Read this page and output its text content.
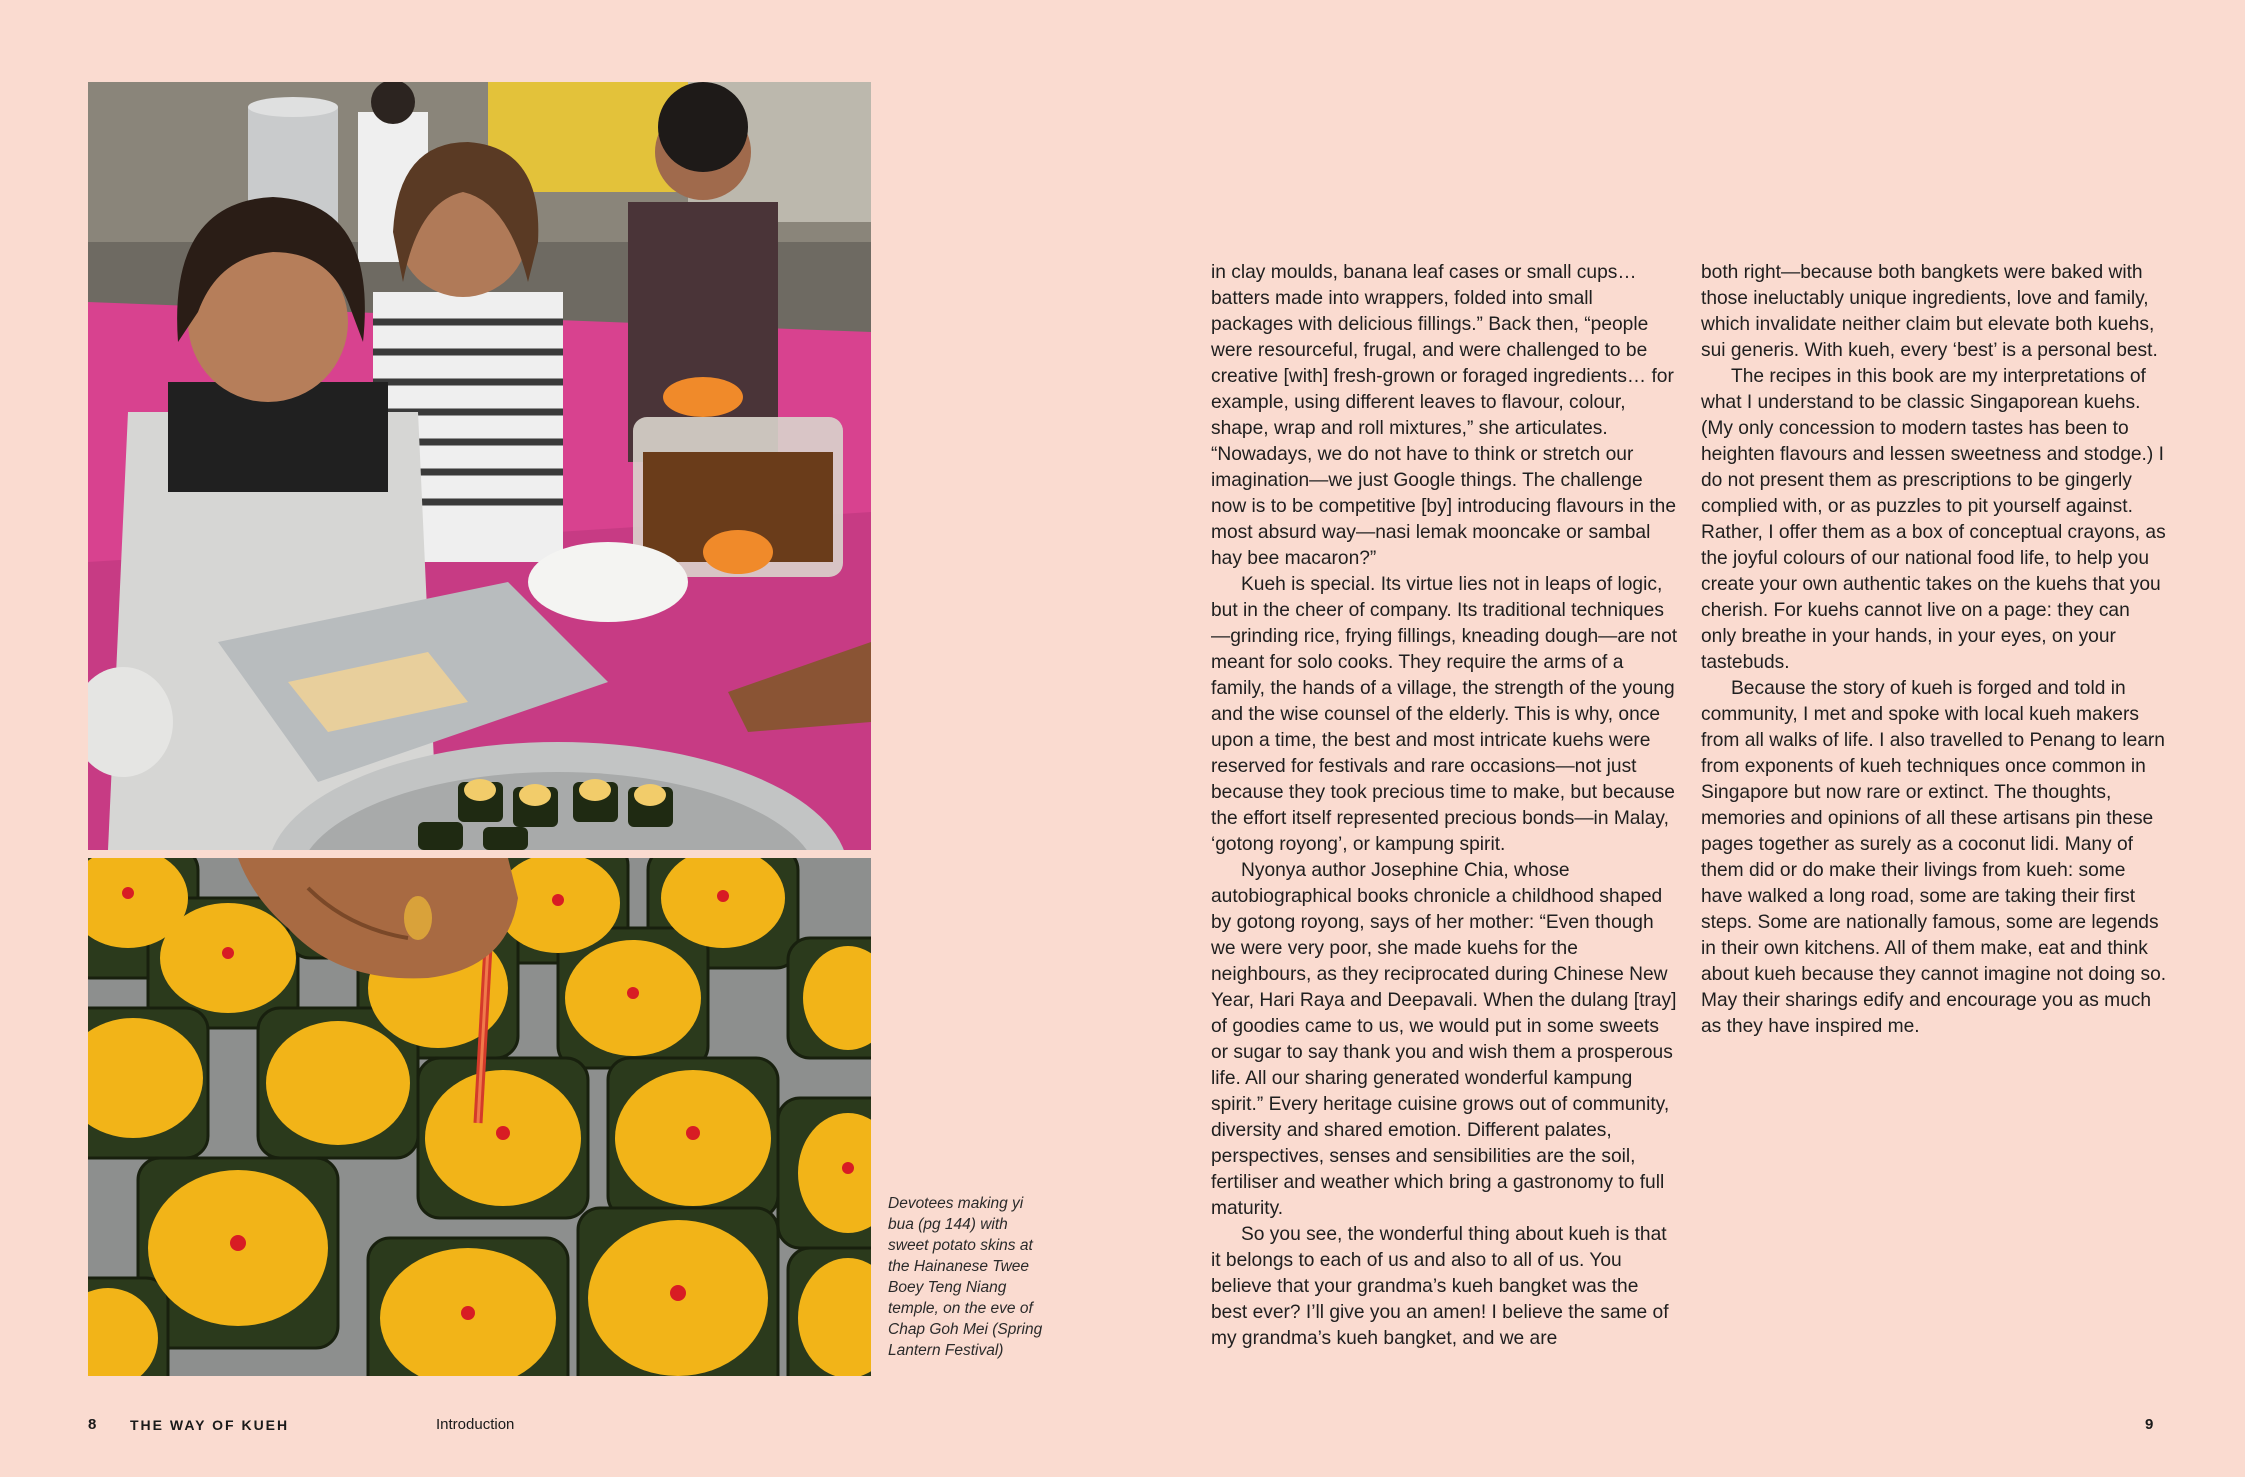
Devotees making yi bua (pg 144) with sweet potato skins at the Hainanese Twee Boey Teng Niang temple, on the eve of Chap Goh Mei (Spring Lantern Festival)

in clay moulds, banana leaf cases or small cups… batters made into wrappers, folded into small packages with delicious fillings.” Back then, “people were resourceful, frugal, and were challenged to be creative [with] fresh-grown or foraged ingredients… for example, using different leaves to flavour, colour, shape, wrap and roll mixtures,” she articulates. “Nowadays, we do not have to think or stretch our imagination—we just Google things. The challenge now is to be competitive [by] introducing flavours in the most absurd way—nasi lemak mooncake or sambal hay bee macaron?”

Kueh is special. Its virtue lies not in leaps of logic, but in the cheer of company. Its traditional techniques—grinding rice, frying fillings, kneading dough—are not meant for solo cooks. They require the arms of a family, the hands of a village, the strength of the young and the wise counsel of the elderly. This is why, once upon a time, the best and most intricate kuehs were reserved for festivals and rare occasions—not just because they took precious time to make, but because the effort itself represented precious bonds—in Malay, ‘gotong royong’, or kampung spirit.

Nyonya author Josephine Chia, whose autobiographical books chronicle a childhood shaped by gotong royong, says of her mother: “Even though we were very poor, she made kuehs for the neighbours, as they reciprocated during Chinese New Year, Hari Raya and Deepavali. When the dulang [tray] of goodies came to us, we would put in some sweets or sugar to say thank you and wish them a prosperous life. All our sharing generated wonderful kampung spirit.” Every heritage cuisine grows out of community, diversity and shared emotion. Different palates, perspectives, senses and sensibilities are the soil, fertiliser and weather which bring a gastronomy to full maturity.

So you see, the wonderful thing about kueh is that it belongs to each of us and also to all of us. You believe that your grandma’s kueh bangket was the best ever? I’ll give you an amen! I believe the same of my grandma’s kueh bangket, and we are

both right—because both bangkets were baked with those ineluctably unique ingredients, love and family, which invalidate neither claim but elevate both kuehs, sui generis. With kueh, every ‘best’ is a personal best.

The recipes in this book are my interpretations of what I understand to be classic Singaporean kuehs. (My only concession to modern tastes has been to heighten flavours and lessen sweetness and stodge.) I do not present them as prescriptions to be gingerly complied with, or as puzzles to pit yourself against. Rather, I offer them as a box of conceptual crayons, as the joyful colours of our national food life, to help you create your own authentic takes on the kuehs that you cherish. For kuehs cannot live on a page: they can only breathe in your hands, in your eyes, on your tastebuds.

Because the story of kueh is forged and told in community, I met and spoke with local kueh makers from all walks of life. I also travelled to Penang to learn from exponents of kueh techniques once common in Singapore but now rare or extinct. The thoughts, memories and opinions of all these artisans pin these pages together as surely as a coconut lidi. Many of them did or do make their livings from kueh: some have walked a long road, some are taking their first steps. Some are nationally famous, some are legends in their own kitchens. All of them make, eat and think about kueh because they cannot imagine not doing so. May their sharings edify and encourage you as much as they have inspired me.

8 THE WAY OF KUEH	Introduction	9
